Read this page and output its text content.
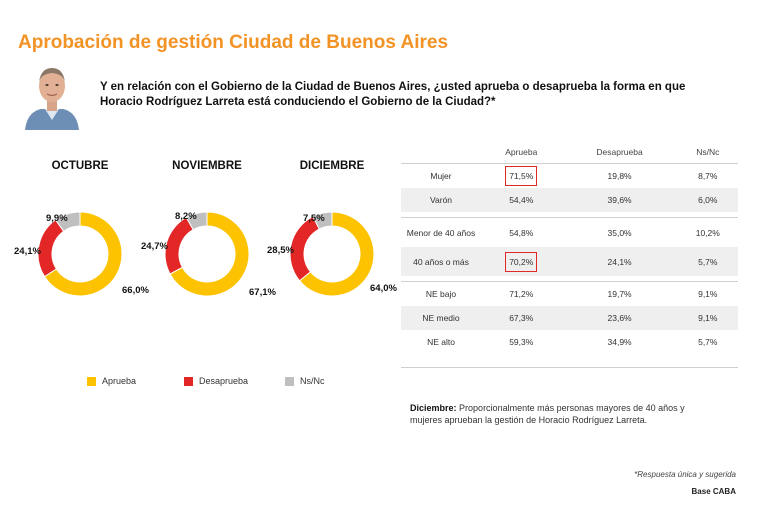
Aprobación de gestión Ciudad de Buenos Aires
Y en relación con el Gobierno de la Ciudad de Buenos Aires, ¿usted aprueba o desaprueba la forma en que Horacio Rodríguez Larreta está conduciendo el Gobierno de la Ciudad?*
OCTUBRE	NOVIEMBRE	DICIEMBRE
66,0%
24,1%
9,9%
67,1%
24,7%
8,2%
64,0%
28,5%
7,5%
Aprueba	Desaprueba	Ns/Nc
	Aprueba	Desaprueba	Ns/Nc
Mujer	71,5%	19,8%	8,7%
Varón	54,4%	39,6%	6,0%

Menor de 40 años	54,8%	35,0%	10,2%
40 años o más	70,2%	24,1%	5,7%

NE bajo	71,2%	19,7%	9,1%
NE medio	67,3%	23,6%	9,1%
NE alto	59,3%	34,9%	5,7%
Diciembre: Proporcionalmente más personas mayores de 40 años y mujeres aprueban la gestión de Horacio Rodríguez Larreta.
*Respuesta única y sugerida
Base CABA
